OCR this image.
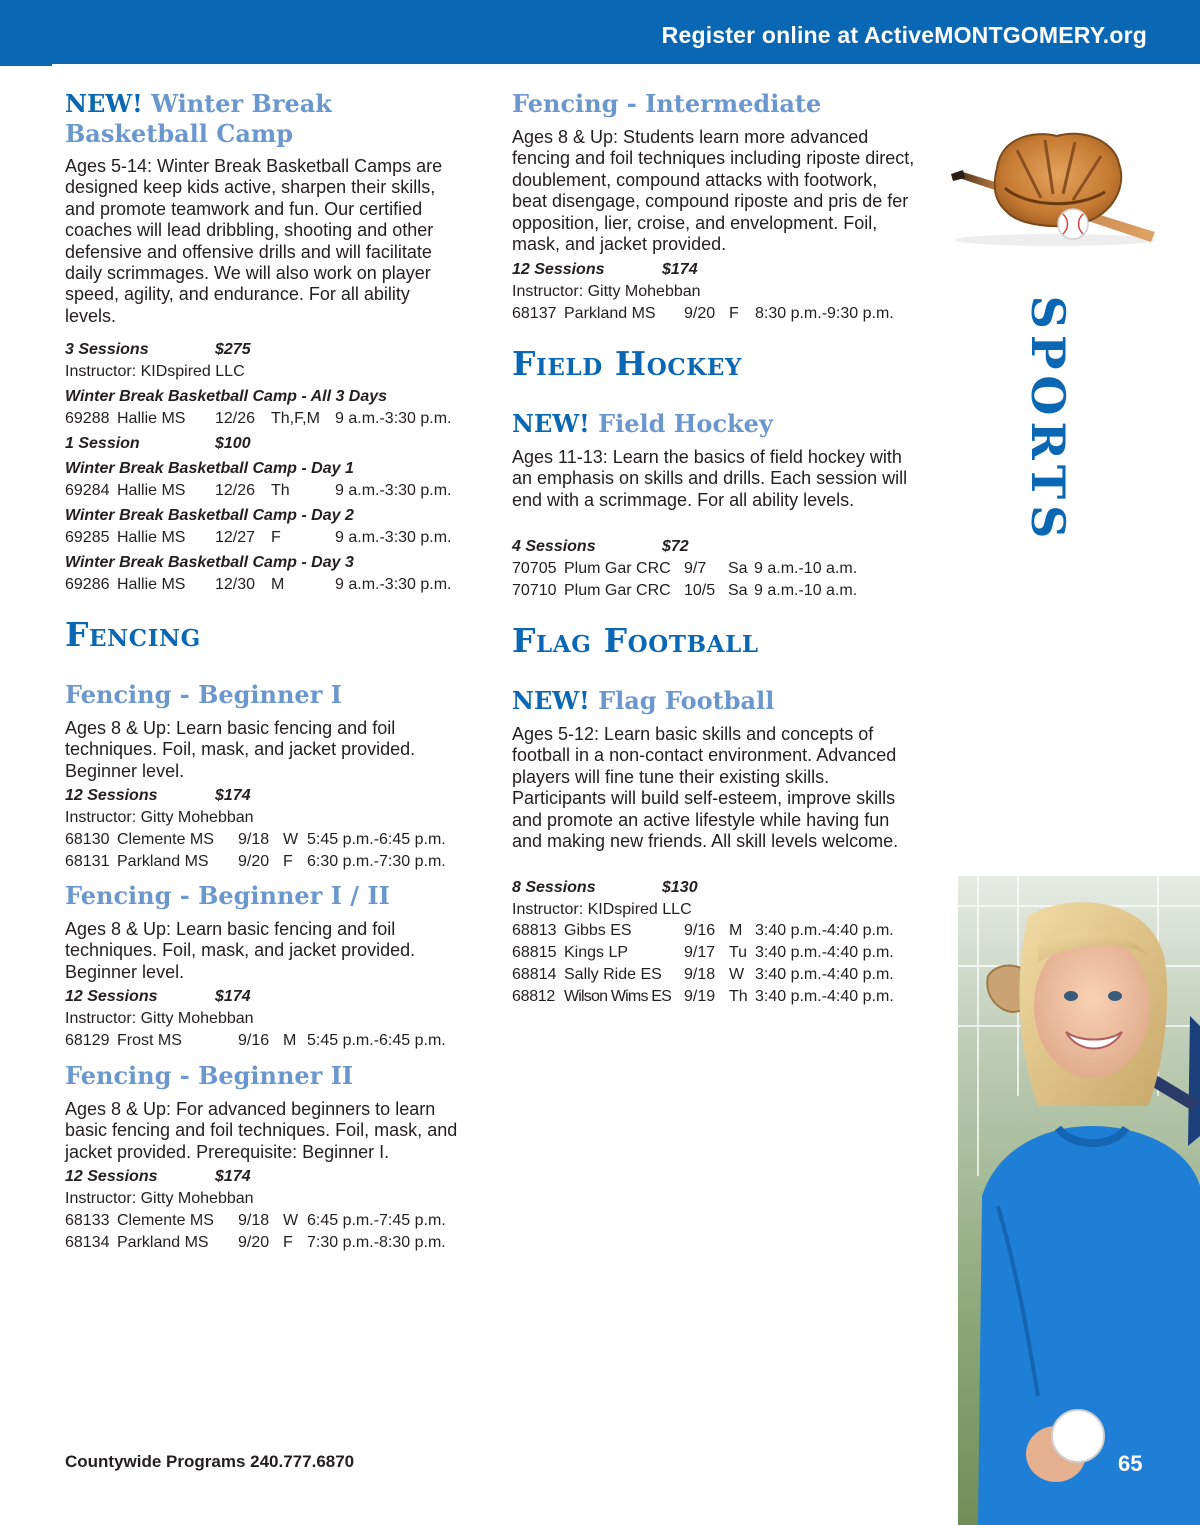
Register online at ActiveMONTGOMERY.org
NEW! Winter Break Basketball Camp
Ages 5-14: Winter Break Basketball Camps are designed keep kids active, sharpen their skills, and promote teamwork and fun. Our certified coaches will lead dribbling, shooting and other defensive and offensive drills and will facilitate daily scrimmages. We will also work on player speed, agility, and endurance. For all ability levels.
3 Sessions	$275
Instructor: KIDspired LLC
Winter Break Basketball Camp - All 3 Days
69288 Hallie MS 12/26 Th,F,M 9 a.m.-3:30 p.m.
1 Session	$100
Winter Break Basketball Camp - Day 1
69284 Hallie MS 12/26 Th	9 a.m.-3:30 p.m.
Winter Break Basketball Camp - Day 2
69285 Hallie MS 12/27 F	9 a.m.-3:30 p.m.
Winter Break Basketball Camp - Day 3
69286 Hallie MS 12/30 M	9 a.m.-3:30 p.m.
Fencing
Fencing - Beginner I
Ages 8 & Up: Learn basic fencing and foil techniques. Foil, mask, and jacket provided. Beginner level.
12 Sessions	$174
Instructor: Gitty Mohebban
68130 Clemente MS 9/18 W 5:45 p.m.-6:45 p.m.
68131 Parkland MS 9/20 F 6:30 p.m.-7:30 p.m.
Fencing - Beginner I / II
Ages 8 & Up: Learn basic fencing and foil techniques. Foil, mask, and jacket provided. Beginner level.
12 Sessions	$174
Instructor: Gitty Mohebban
68129 Frost MS	9/16 M 5:45 p.m.-6:45 p.m.
Fencing - Beginner II
Ages 8 & Up: For advanced beginners to learn basic fencing and foil techniques. Foil, mask, and jacket provided. Prerequisite: Beginner I.
12 Sessions	$174
Instructor: Gitty Mohebban
68133 Clemente MS 9/18 W 6:45 p.m.-7:45 p.m.
68134 Parkland MS 9/20 F 7:30 p.m.-8:30 p.m.
Fencing - Intermediate
Ages 8 & Up: Students learn more advanced fencing and foil techniques including riposte direct, doublement, compound attacks with footwork, beat disengage, compound riposte and pris de fer opposition, lier, croise, and envelopment. Foil, mask, and jacket provided.
12 Sessions	$174
Instructor: Gitty Mohebban
68137 Parkland MS 9/20 F 8:30 p.m.-9:30 p.m.
Field Hockey
NEW! Field Hockey
Ages 11-13: Learn the basics of field hockey with an emphasis on skills and drills. Each session will end with a scrimmage. For all ability levels.
4 Sessions	$72
70705 Plum Gar CRC 9/7 Sa 9 a.m.-10 a.m.
70710 Plum Gar CRC 10/5 Sa 9 a.m.-10 a.m.
Flag Football
NEW! Flag Football
Ages 5-12: Learn basic skills and concepts of football in a non-contact environment. Advanced players will fine tune their existing skills. Participants will build self-esteem, improve skills and promote an active lifestyle while having fun and making new friends. All skill levels welcome.
8 Sessions	$130
Instructor: KIDspired LLC
68813 Gibbs ES	9/16 M 3:40 p.m.-4:40 p.m.
68815 Kings LP	9/17 Tu 3:40 p.m.-4:40 p.m.
68814 Sally Ride ES 9/18 W 3:40 p.m.-4:40 p.m.
68812 Wilson Wims ES 9/19 Th 3:40 p.m.-4:40 p.m.
SPORTS
Countywide Programs 240.777.6870	65
